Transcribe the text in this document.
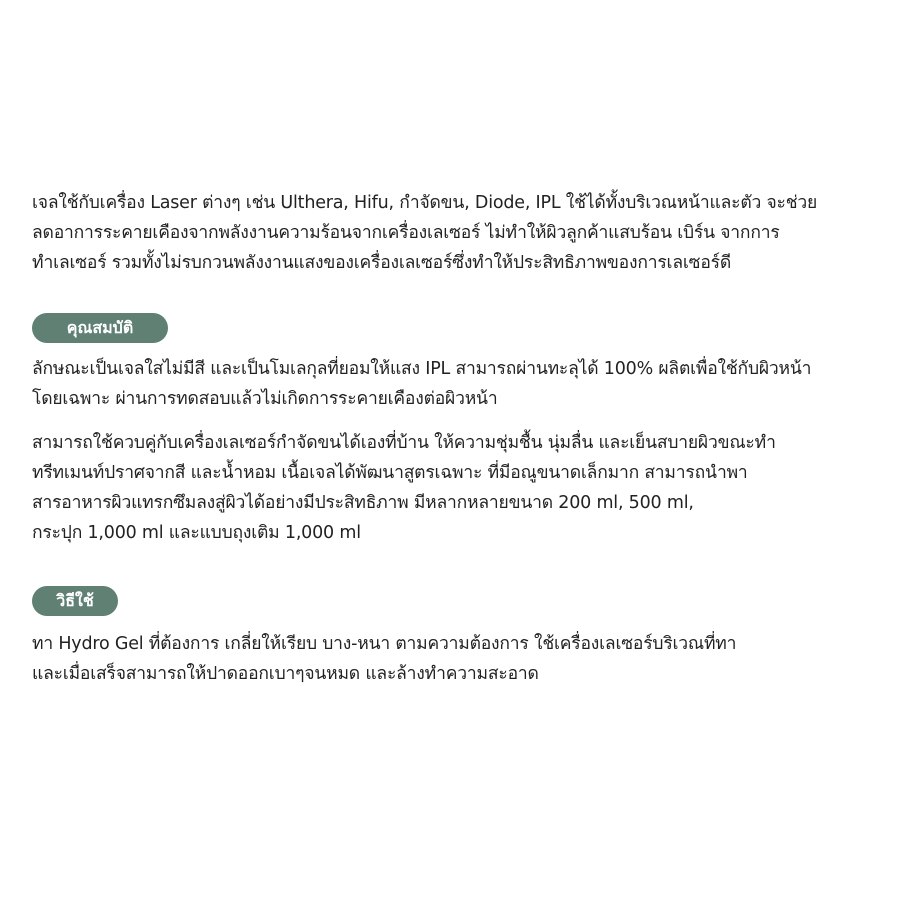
เจลใช้กับเครื่อง Laser ต่างๆ เช่น Ulthera, Hifu, กำจัดขน, Diode, IPL ใช้ได้ทั้งบริเวณหน้าและตัว จะช่วย
ลดอาการระคายเคืองจากพลังงานความร้อนจากเครื่องเลเซอร์ ไม่ทำให้ผิวลูกค้าแสบร้อน เบิร์น จากการ
ทำเลเซอร์ รวมทั้งไม่รบกวนพลังงานแสงของเครื่องเลเซอร์ซึ่งทำให้ประสิทธิภาพของการเลเซอร์ดี
คุณสมบัติ
ลักษณะเป็นเจลใสไม่มีสี และเป็นโมเลกุลที่ยอมให้แสง IPL สามารถผ่านทะลุได้ 100% ผลิตเพื่อใช้กับผิวหน้า
โดยเฉพาะ ผ่านการทดสอบแล้วไม่เกิดการระคายเคืองต่อผิวหน้า
สามารถใช้ควบคู่กับเครื่องเลเซอร์กำจัดขนได้เองที่บ้าน ให้ความชุ่มชื้น นุ่มลื่น และเย็นสบายผิวขณะทำ
ทรีทเมนท์ปราศจากสี และน้ำหอม เนื้อเจลได้พัฒนาสูตรเฉพาะ ที่มีอณูขนาดเล็กมาก สามารถนำพา
สารอาหารผิวแทรกซึมลงสู่ผิวได้อย่างมีประสิทธิภาพ มีหลากหลายขนาด 200 ml, 500 ml,
กระปุก 1,000 ml และแบบถุงเติม 1,000 ml
วิธีใช้
ทา Hydro Gel ที่ต้องการ เกลี่ยให้เรียบ บาง-หนา ตามความต้องการ ใช้เครื่องเลเซอร์บริเวณที่ทา
และเมื่อเสร็จสามารถให้ปาดออกเบาๆจนหมด และล้างทำความสะอาด
